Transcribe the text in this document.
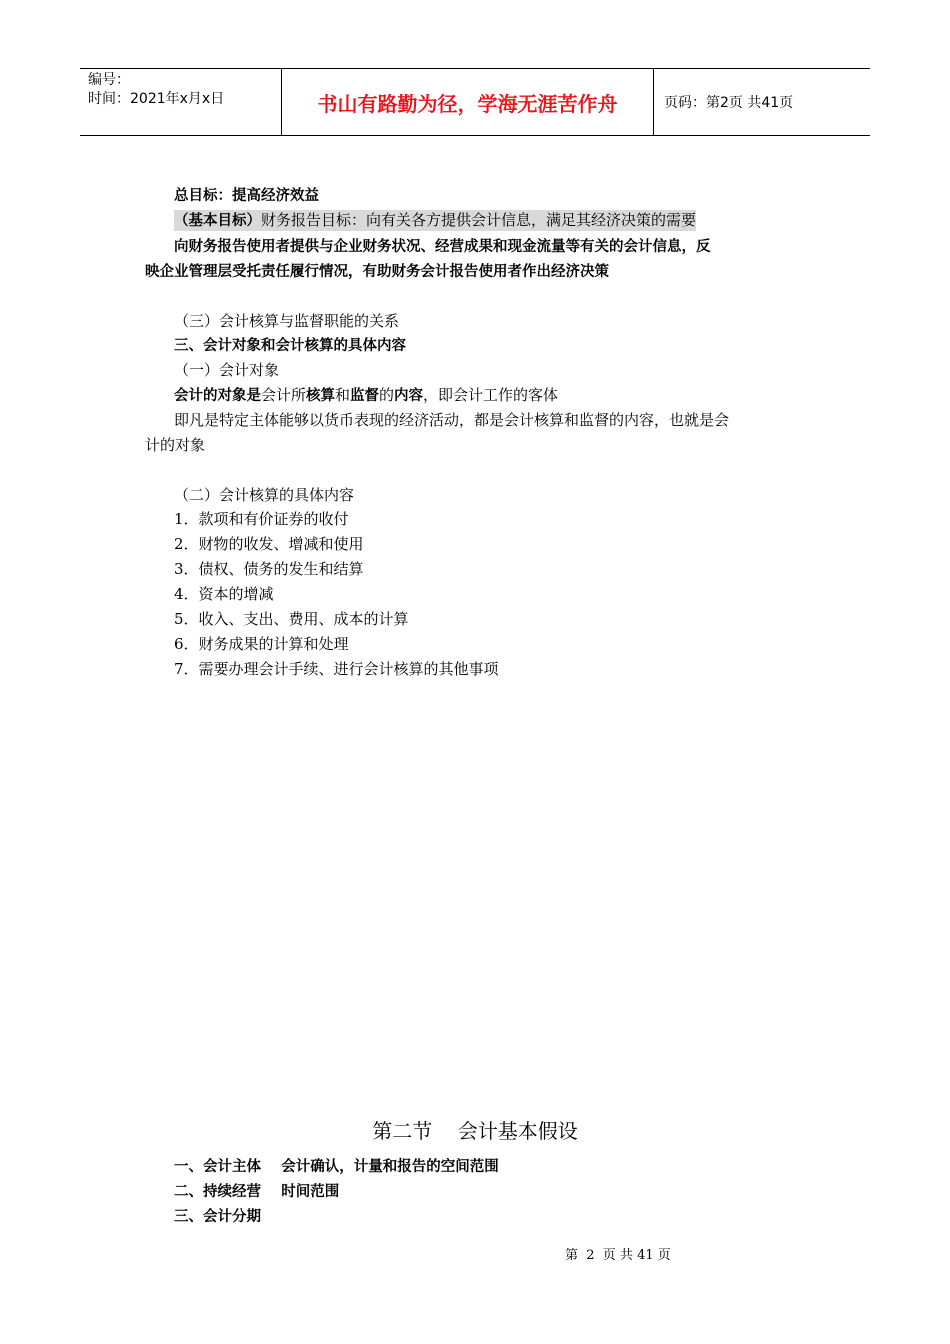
编号：
时间：2021年x月x日	书山有路勤为径，学海无涯苦作舟	页码：第2页 共41页
总目标：提高经济效益
（基本目标）财务报告目标：向有关各方提供会计信息，满足其经济决策的需要
向财务报告使用者提供与企业财务状况、经营成果和现金流量等有关的会计信息，反
映企业管理层受托责任履行情况，有助财务会计报告使用者作出经济决策
（三）会计核算与监督职能的关系
三、会计对象和会计核算的具体内容
（一）会计对象
会计的对象是会计所核算和监督的内容，即会计工作的客体
即凡是特定主体能够以货币表现的经济活动，都是会计核算和监督的内容，也就是会
计的对象
（二）会计核算的具体内容
1．款项和有价证券的收付
2．财物的收发、增减和使用
3．债权、债务的发生和结算
4．资本的增减
5．收入、支出、费用、成本的计算
6．财务成果的计算和处理
7．需要办理会计手续、进行会计核算的其他事项
第二节    会计基本假设
一、会计主体    会计确认，计量和报告的空间范围
二、持续经营    时间范围
三、会计分期
第  2  页 共 41 页
